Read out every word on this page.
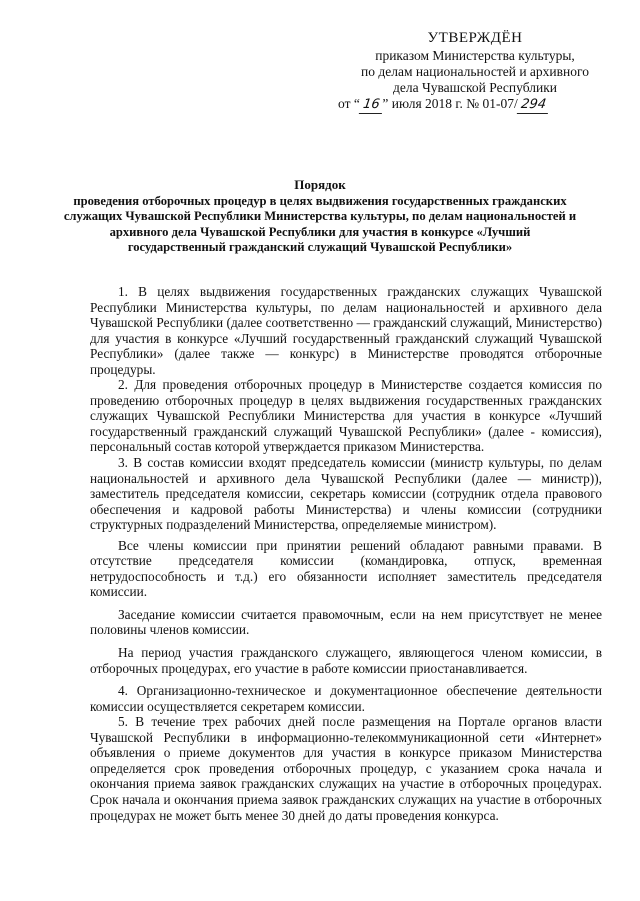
УТВЕРЖДЁН
приказом Министерства культуры,
по делам национальностей и архивного
дела Чувашской Республики
от “ 16 ” июля 2018 г. № 01-07/ 294
Порядок
проведения отборочных процедур в целях выдвижения государственных гражданских служащих Чувашской Республики Министерства культуры, по делам национальностей и архивного дела Чувашской Республики для участия в конкурсе «Лучший государственный гражданский служащий Чувашской Республики»

1. В целях выдвижения государственных гражданских служащих Чувашской Республики Министерства культуры, по делам национальностей и архивного дела Чувашской Республики (далее соответственно — гражданский служащий, Министерство) для участия в конкурсе «Лучший государственный гражданский служащий Чувашской Республики» (далее также — конкурс) в Министерстве проводятся отборочные процедуры.

2. Для проведения отборочных процедур в Министерстве создается комиссия по проведению отборочных процедур в целях выдвижения государственных гражданских служащих Чувашской Республики Министерства для участия в конкурсе «Лучший государственный гражданский служащий Чувашской Республики» (далее - комиссия), персональный состав которой утверждается приказом Министерства.

3. В состав комиссии входят председатель комиссии (министр культуры, по делам национальностей и архивного дела Чувашской Республики (далее — министр)), заместитель председателя комиссии, секретарь комиссии (сотрудник отдела правового обеспечения и кадровой работы Министерства) и члены комиссии (сотрудники структурных подразделений Министерства, определяемые министром).

Все члены комиссии при принятии решений обладают равными правами. В отсутствие председателя комиссии (командировка, отпуск, временная нетрудоспособность и т.д.) его обязанности исполняет заместитель председателя комиссии.

Заседание комиссии считается правомочным, если на нем присутствует не менее половины членов комиссии.

На период участия гражданского служащего, являющегося членом комиссии, в отборочных процедурах, его участие в работе комиссии приостанавливается.

4. Организационно-техническое и документационное обеспечение деятельности комиссии осуществляется секретарем комиссии.

5. В течение трех рабочих дней после размещения на Портале органов власти Чувашской Республики в информационно-телекоммуникационной сети «Интернет» объявления о приеме документов для участия в конкурсе приказом Министерства определяется срок проведения отборочных процедур, с указанием срока начала и окончания приема заявок гражданских служащих на участие в отборочных процедурах. Срок начала и окончания приема заявок гражданских служащих на участие в отборочных процедурах не может быть менее 30 дней до даты проведения конкурса.
